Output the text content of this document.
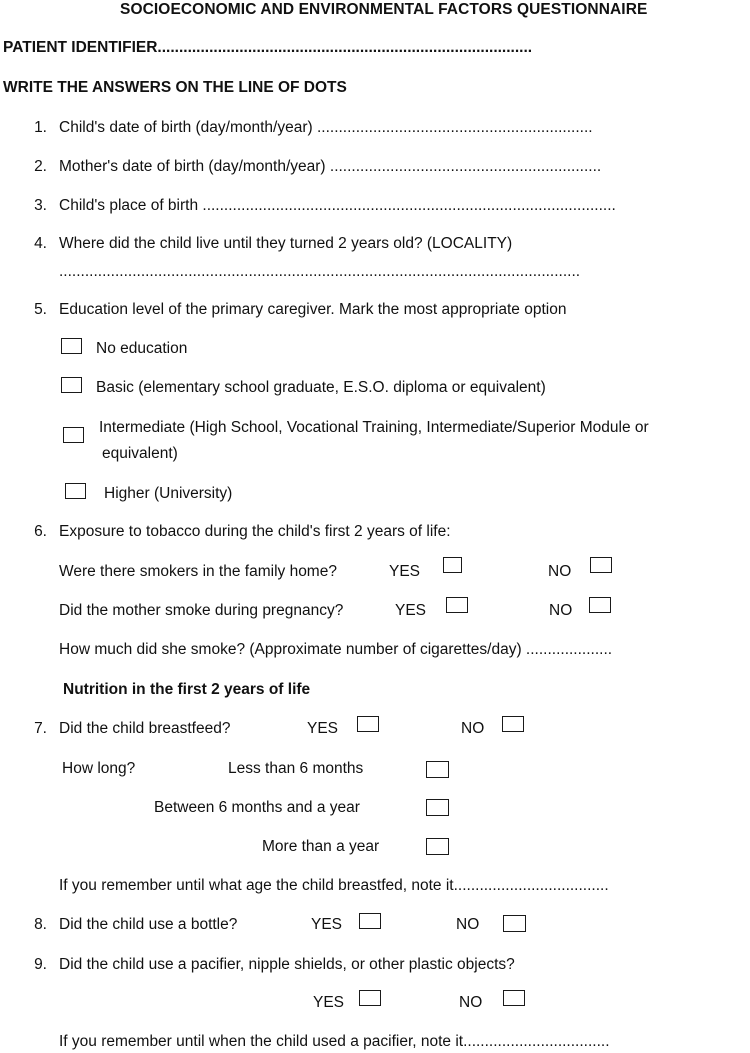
SOCIOECONOMIC AND ENVIRONMENTAL FACTORS QUESTIONNAIRE
PATIENT IDENTIFIER.......................................................................................
WRITE THE ANSWERS ON THE LINE OF DOTS
1. Child's date of birth (day/month/year) ................................................................
2. Mother's date of birth (day/month/year) ...............................................................
3. Child's place of birth ................................................................................................
4. Where did the child live until they turned 2 years old? (LOCALITY)
.........................................................................................................................
5. Education level of the primary caregiver. Mark the most appropriate option
No education
Basic (elementary school graduate, E.S.O. diploma or equivalent)
Intermediate (High School, Vocational Training, Intermediate/Superior Module or
equivalent)
Higher (University)
6. Exposure to tobacco during the child's first 2 years of life:
Were there smokers in the family home?	YES	NO
Did the mother smoke during pregnancy?	YES	NO
How much did she smoke? (Approximate number of cigarettes/day) ....................
Nutrition in the first 2 years of life
7. Did the child breastfeed?	YES	NO
How long?	Less than 6 months
Between 6 months and a year
More than a year
If you remember until what age the child breastfed, note it....................................
8. Did the child use a bottle?	YES	NO
9. Did the child use a pacifier, nipple shields, or other plastic objects?
YES	NO
If you remember until when the child used a pacifier, note it..................................
